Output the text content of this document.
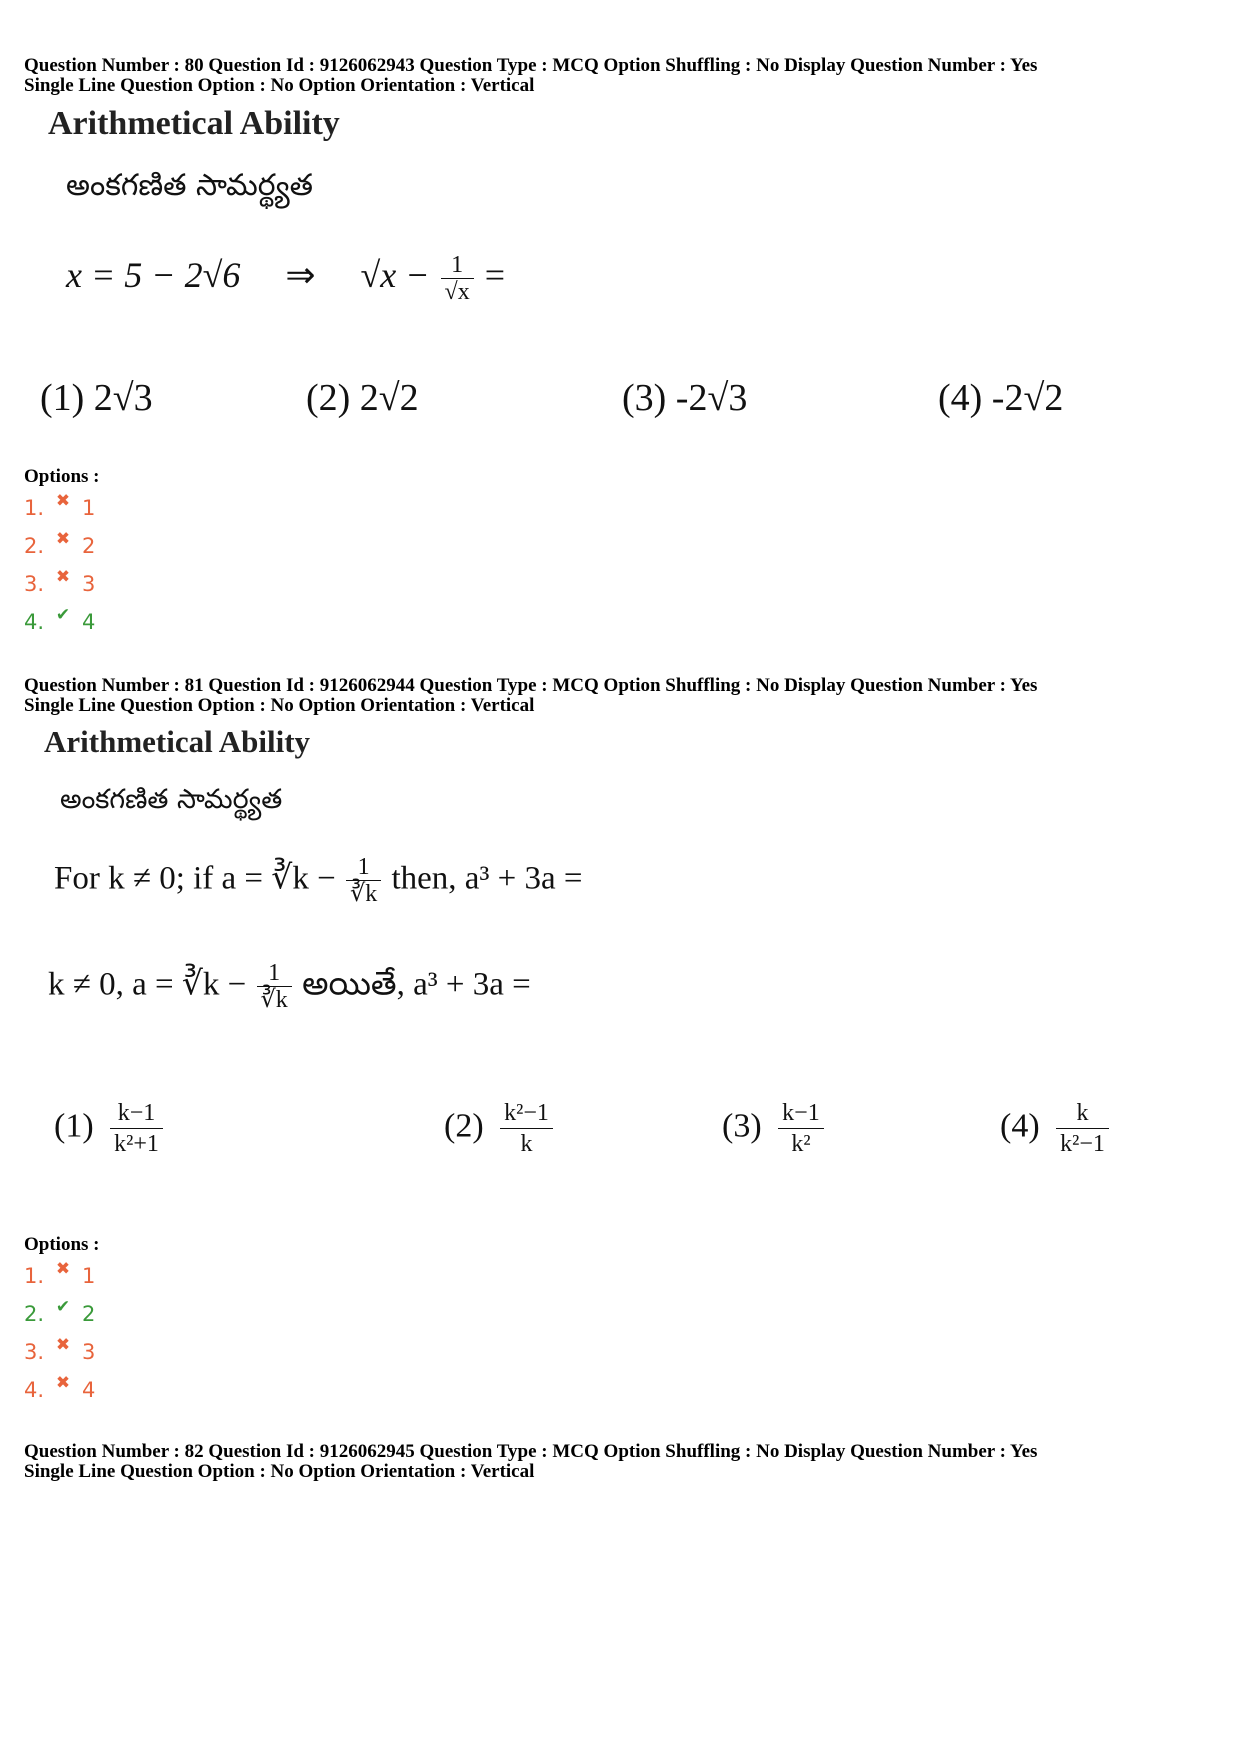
Question Number : 80 Question Id : 9126062943 Question Type : MCQ Option Shuffling : No Display Question Number : Yes
Single Line Question Option : No Option Orientation : Vertical
Arithmetical Ability
అంకగణిత సామర్థ్యత
x = 5 − 2√6 ⇒ $√x - \frac{1}{√x}$ =
(1) 2√3	(2) 2√2	(3) -2√3	(4) -2√2
Options :
1. ✖ 1
2. ✖ 2
3. ✖ 3
4. ✔ 4
Question Number : 81 Question Id : 9126062944 Question Type : MCQ Option Shuffling : No Display Question Number : Yes
Single Line Question Option : No Option Orientation : Vertical
Arithmetical Ability
అంకగణిత సామర్థ్యత
For k ≠ 0; if a = ∛k − $\frac{1}{∛k}$ then, a³ + 3a =
k ≠ 0, a = ∛k − $\frac{1}{∛k}$ అయితే, a³ + 3a =
$(1) \frac{k-1}{\text{k²+1}}$	$(2) \frac{\text{k²−1}}{k}$	$(3) \frac{k-1}{\text{k²}}$	$(4) \frac{k}{\text{k²−1}}$
Options :
1. ✖ 1
2. ✔ 2
3. ✖ 3
4. ✖ 4
Question Number : 82 Question Id : 9126062945 Question Type : MCQ Option Shuffling : No Display Question Number : Yes
Single Line Question Option : No Option Orientation : Vertical
